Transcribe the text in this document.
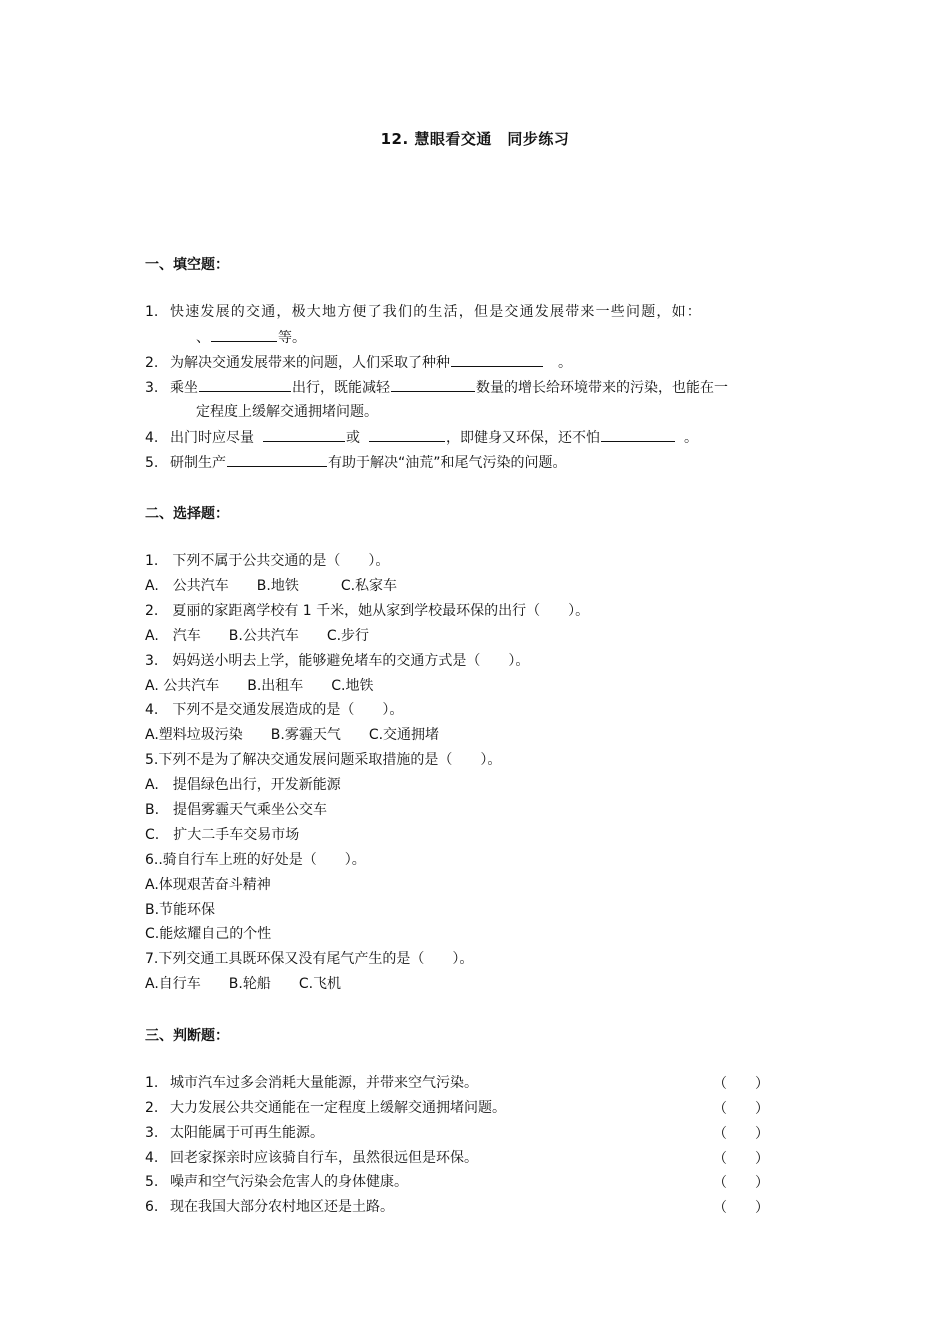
12. 慧眼看交通　同步练习
一、填空题：
1. 快速发展的交通，极大地方便了我们的生活，但是交通发展带来一些问题，如：
、	等。
2. 为解决交通发展带来的问题，人们采取了种种	。
3. 乘坐	出行，既能减轻	数量的增长给环境带来的污染，也能在一
定程度上缓解交通拥堵问题。
4. 出门时应尽量	或	，即健身又环保，还不怕	。
5. 研制生产	有助于解决“油荒”和尾气污染的问题。
二、选择题：
1.　下列不属于公共交通的是（　　）。
A.　公共汽车　　B.地铁　　　C.私家车
2.　夏丽的家距离学校有 1 千米，她从家到学校最环保的出行（　　）。
A.　汽车　　B.公共汽车　　C.步行
3.　妈妈送小明去上学，能够避免堵车的交通方式是（　　）。
A. 公共汽车　　B.出租车　　C.地铁
4.　下列不是交通发展造成的是（　　）。
A.塑料垃圾污染　　B.雾霾天气　　C.交通拥堵
5.下列不是为了解决交通发展问题采取措施的是（　　）。
A.　提倡绿色出行，开发新能源
B.　提倡雾霾天气乘坐公交车
C.　扩大二手车交易市场
6..骑自行车上班的好处是（　　）。
A.体现艰苦奋斗精神
B.节能环保
C.能炫耀自己的个性
7.下列交通工具既环保又没有尾气产生的是（　　）。
A.自行车　　B.轮船　　C.飞机
三、判断题：
1. 城市汽车过多会消耗大量能源，并带来空气污染。	（　　）
2. 大力发展公共交通能在一定程度上缓解交通拥堵问题。	（　　）
3. 太阳能属于可再生能源。	（　　）
4. 回老家探亲时应该骑自行车，虽然很远但是环保。	（　　）
5. 噪声和空气污染会危害人的身体健康。	（　　）
6. 现在我国大部分农村地区还是土路。	（　　）
